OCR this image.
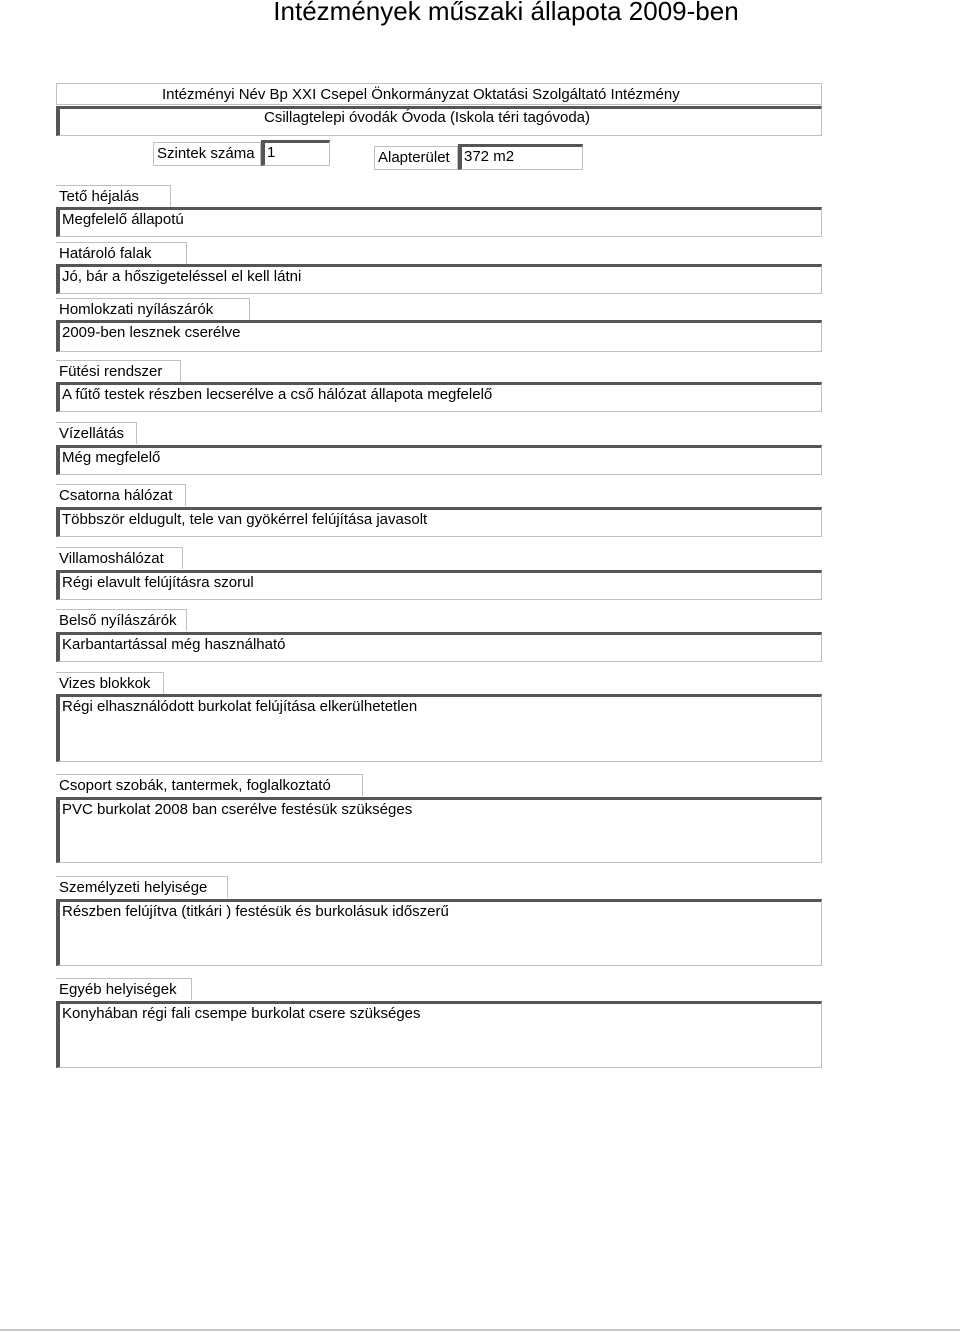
Intézmények műszaki állapota 2009-ben
Intézményi Név Bp XXI Csepel Önkormányzat Oktatási Szolgáltató Intézmény
Csillagtelepi óvodák Óvoda (Iskola téri tagóvoda)
Szintek száma 1	Alapterület 372 m2
Tető héjalás
Megfelelő állapotú
Határoló falak
Jó, bár a hőszigeteléssel el kell látni
Homlokzati nyílászárók
2009-ben lesznek cserélve
Fütési rendszer
A fűtő testek részben lecserélve a cső hálózat állapota megfelelő
Vízellátás
Még megfelelő
Csatorna hálózat
Többször eldugult, tele van gyökérrel felújítása javasolt
Villamoshálózat
Régi elavult felújításra szorul
Belső nyílászárók
Karbantartással még használható
Vizes blokkok
Régi elhasználódott burkolat felújítása elkerülhetetlen
Csoport szobák, tantermek, foglalkoztató
PVC burkolat 2008 ban cserélve festésük szükséges
Személyzeti helyisége
Részben felújítva (titkári ) festésük és burkolásuk időszerű
Egyéb helyiségek
Konyhában régi fali csempe burkolat csere szükséges
